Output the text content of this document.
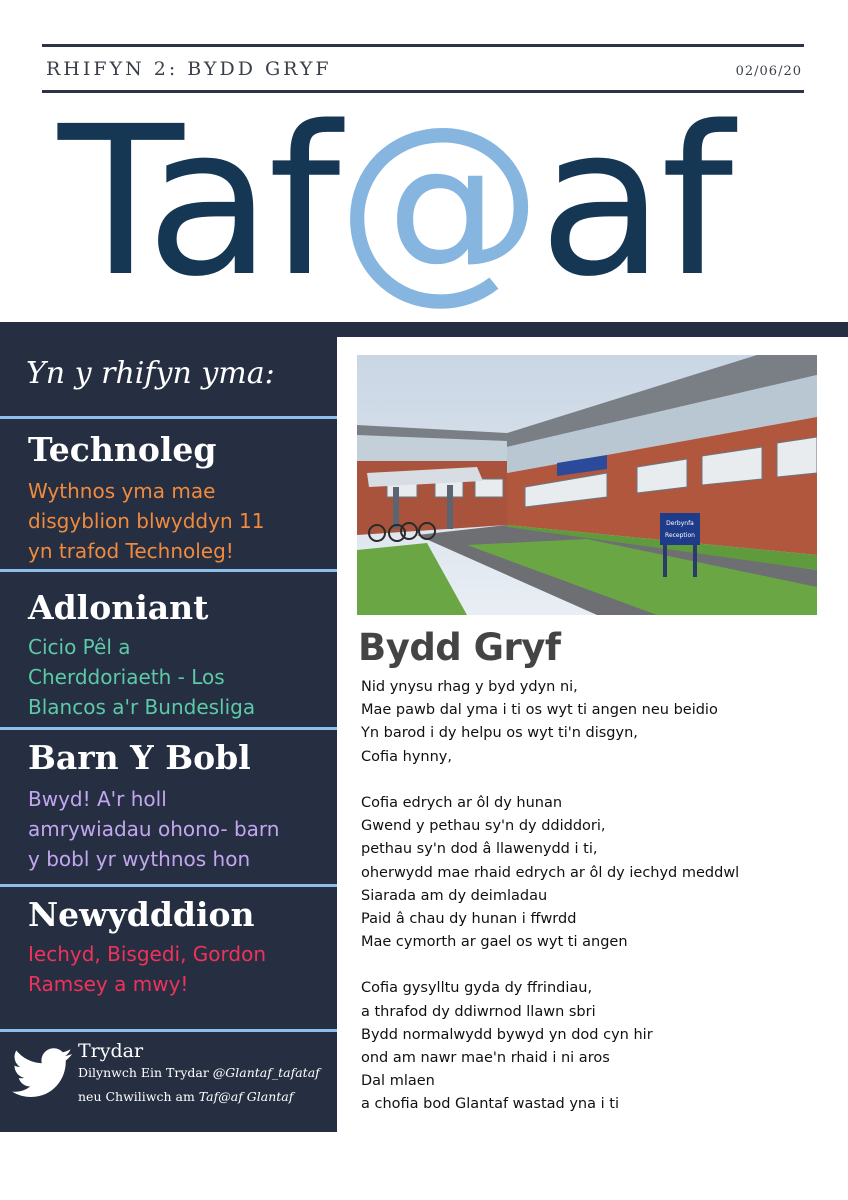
RHIFYN 2: BYDD GRYF	02/06/20
Taf@af
Yn y rhifyn yma:
Technoleg
Wythnos yma mae
disgyblion blwyddyn 11
yn trafod Technoleg!
Adloniant
Cicio Pêl a
Cherddoriaeth - Los
Blancos a'r Bundesliga
Barn Y Bobl
Bwyd! A'r holl
amrywiadau ohono- barn
y bobl yr wythnos hon
Newydddion
Iechyd, Bisgedi, Gordon
Ramsey a mwy!
Trydar
Dilynwch Ein Trydar @Glantaf_tafataf
neu Chwiliwch am Taf@af Glantaf
Derbynfa
Reception
Bydd Gryf
Nid ynysu rhag y byd ydyn ni,
Mae pawb dal yma i ti os wyt ti angen neu beidio
Yn barod i dy helpu os wyt ti'n disgyn,
Cofia hynny,
Cofia edrych ar ôl dy hunan
Gwend y pethau sy'n dy ddiddori,
pethau sy'n dod â llawenydd i ti,
oherwydd mae rhaid edrych ar ôl dy iechyd meddwl
Siarada am dy deimladau
Paid â chau dy hunan i ffwrdd
Mae cymorth ar gael os wyt ti angen
Cofia gysylltu gyda dy ffrindiau,
a thrafod dy ddiwrnod llawn sbri
Bydd normalwydd bywyd yn dod cyn hir
ond am nawr mae'n rhaid i ni aros
Dal mlaen
a chofia bod Glantaf wastad yna i ti
